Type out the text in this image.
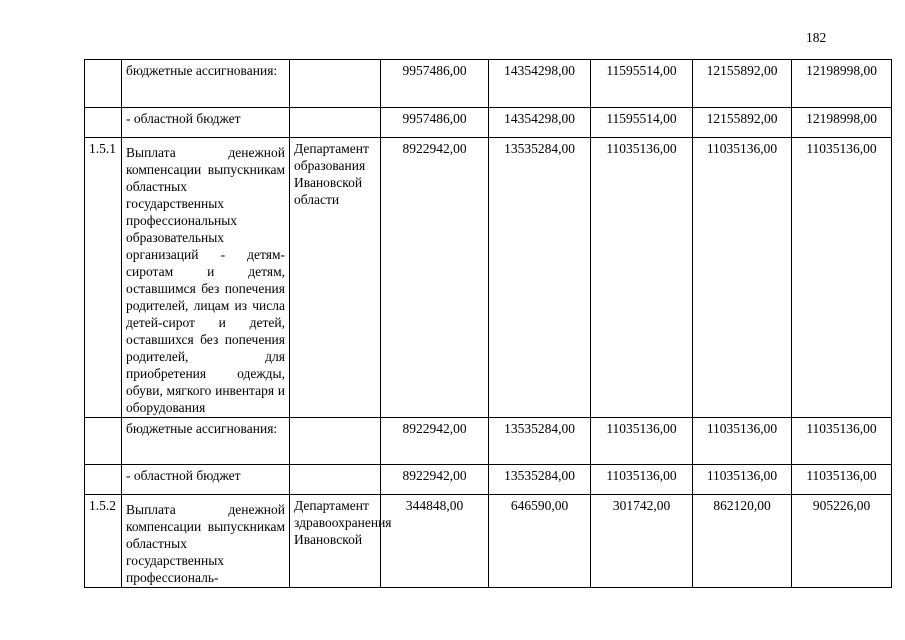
182
	бюджетные ассигнования:		9957486,00	14354298,00	11595514,00	12155892,00	12198998,00
	- областной бюджет		9957486,00	14354298,00	11595514,00	12155892,00	12198998,00
1.5.1	Выплата денежной компенсации выпускникам областных государственных профессиональных образовательных организаций - детям-сиротам и детям, оставшимся без попечения родителей, лицам из числа детей-сирот и детей, оставшихся без попечения родителей, для приобретения одежды, обуви, мягкого инвентаря и оборудования	Департамент образования Ивановской области	8922942,00	13535284,00	11035136,00	11035136,00	11035136,00
	бюджетные ассигнования:		8922942,00	13535284,00	11035136,00	11035136,00	11035136,00
	- областной бюджет		8922942,00	13535284,00	11035136,00	11035136,00	11035136,00
1.5.2	Выплата денежной компенсации выпускникам областных государственных профессиональ-	Департамент здравоохранения Ивановской	344848,00	646590,00	301742,00	862120,00	905226,00
